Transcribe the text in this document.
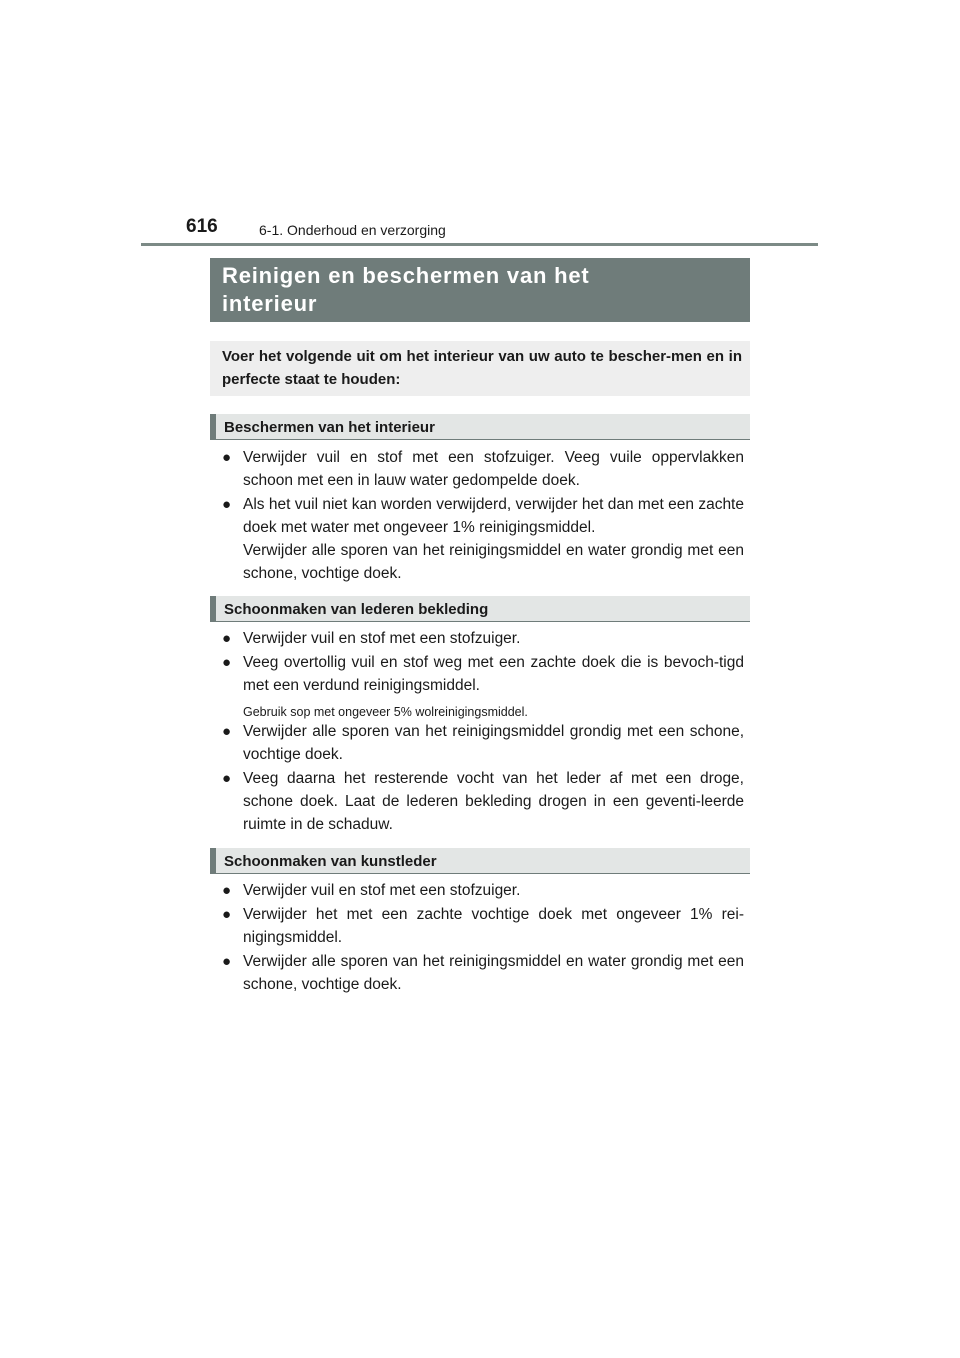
616	6-1. Onderhoud en verzorging
Reinigen en beschermen van het
interieur

Voer het volgende uit om het interieur van uw auto te bescher-men en in perfecte staat te houden:

Beschermen van het interieur
● Verwijder vuil en stof met een stofzuiger. Veeg vuile oppervlakken schoon met een in lauw water gedompelde doek.
● Als het vuil niet kan worden verwijderd, verwijder het dan met een zachte doek met water met ongeveer 1% reinigingsmiddel.
Verwijder alle sporen van het reinigingsmiddel en water grondig met een schone, vochtige doek.
Schoonmaken van lederen bekleding
● Verwijder vuil en stof met een stofzuiger.
● Veeg overtollig vuil en stof weg met een zachte doek die is bevoch-tigd met een verdund reinigingsmiddel.
Gebruik sop met ongeveer 5% wolreinigingsmiddel.
● Verwijder alle sporen van het reinigingsmiddel grondig met een schone, vochtige doek.
● Veeg daarna het resterende vocht van het leder af met een droge, schone doek. Laat de lederen bekleding drogen in een geventi-leerde ruimte in de schaduw.
Schoonmaken van kunstleder
● Verwijder vuil en stof met een stofzuiger.
● Verwijder het met een zachte vochtige doek met ongeveer 1% rei-nigingsmiddel.
● Verwijder alle sporen van het reinigingsmiddel en water grondig met een schone, vochtige doek.
